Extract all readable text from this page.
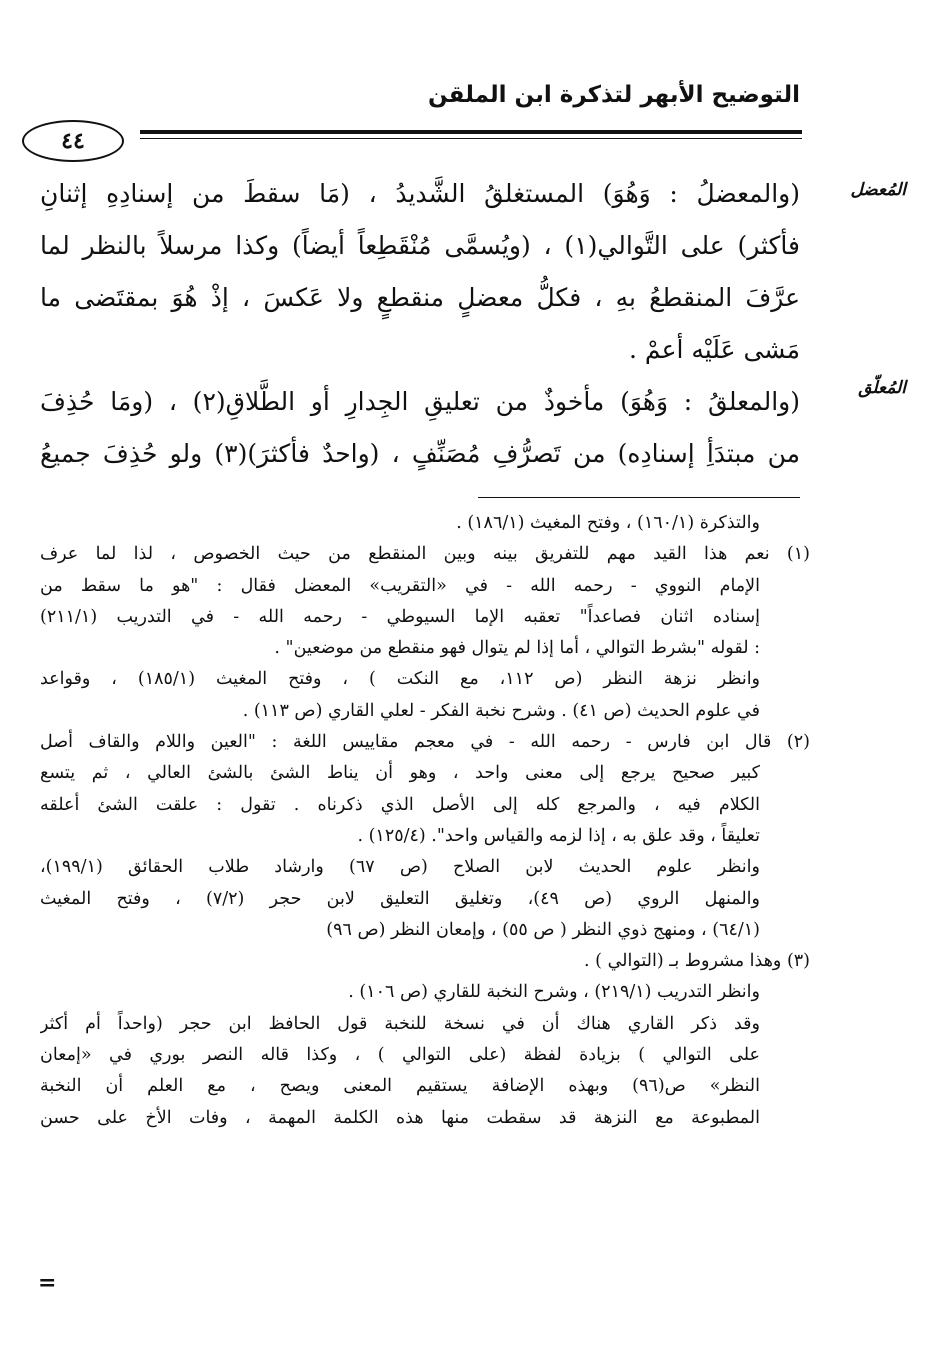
التوضيح الأبهر لتذكرة ابن الملقن
٤٤
المُعضل
المُعلّق
(والمعضلُ : وَهُوَ) المستغلقُ الشَّديدُ ، (مَا سقطَ من إسنادِهِ إثنانِ
فأكثر) على التَّوالي(١) ، (ويُسمَّى مُنْقَطِعاً أيضاً) وكذا مرسلاً بالنظر لما
عرَّفَ المنقطعُ بهِ ، فكلُّ معضلٍ منقطعٍ ولا عَكسَ ، إذْ هُوَ بمقتَضى ما
مَشى عَلَيْه أعمْ .
(والمعلقُ : وَهُوَ) مأخوذٌ من تعليقِ الجِدارِ أو الطَّلاقِ(٢) ، (ومَا حُذِفَ
من مبتدَأِ إسنادِه) من تَصرُّفِ مُصَنِّفٍ ، (واحدٌ فأكثرَ)(٣) ولو حُذِفَ جميعُ
والتذكرة (١٦٠/١) ، وفتح المغيث (١٨٦/١) .
(١) نعم هذا القيد مهم للتفريق بينه وبين المنقطع من حيث الخصوص ، لذا لما عرف
الإمام النووي - رحمه الله - في «التقريب» المعضل فقال : "هو ما سقط من
إسناده اثنان فصاعداً" تعقبه الإما السيوطي - رحمه الله - في التدريب (٢١١/١)
: لقوله "بشرط التوالي ، أما إذا لم يتوال فهو منقطع من موضعين" .
وانظر نزهة النظر (ص ١١٢، مع النكت ) ، وفتح المغيث (١٨٥/١) ، وقواعد
في علوم الحديث (ص ٤١) . وشرح نخبة الفكر - لعلي القاري (ص ١١٣) .
(٢) قال ابن فارس - رحمه الله - في معجم مقاييس اللغة : "العين واللام والقاف أصل
كبير صحيح يرجع إلى معنى واحد ، وهو أن يناط الشئ بالشئ العالي ، ثم يتسع
الكلام فيه ، والمرجع كله إلى الأصل الذي ذكرناه . تقول : علقت الشئ أعلقه
تعليقاً ، وقد علق به ، إذا لزمه والقياس واحد". (١٢٥/٤) .
وانظر علوم الحديث لابن الصلاح (ص ٦٧) وارشاد طلاب الحقائق (١٩٩/١)،
والمنهل الروي (ص ٤٩)، وتغليق التعليق لابن حجر (٧/٢) ، وفتح المغيث
(٦٤/١) ، ومنهج ذوي النظر ( ص ٥٥) ، وإمعان النظر (ص ٩٦)
(٣) وهذا مشروط بـ (التوالي ) .
وانظر التدريب (٢١٩/١) ، وشرح النخبة للقاري (ص ١٠٦) .
وقد ذكر القاري هناك أن في نسخة للنخبة قول الحافظ ابن حجر (واحداً أم أكثر
على التوالي ) بزيادة لفظة (على التوالي ) ، وكذا قاله النصر بوري في «إمعان
النظر» ص(٩٦) وبهذه الإضافة يستقيم المعنى ويصح ، مع العلم أن النخبة
المطبوعة مع النزهة قد سقطت منها هذه الكلمة المهمة ، وفات الأخ على حسن
=
